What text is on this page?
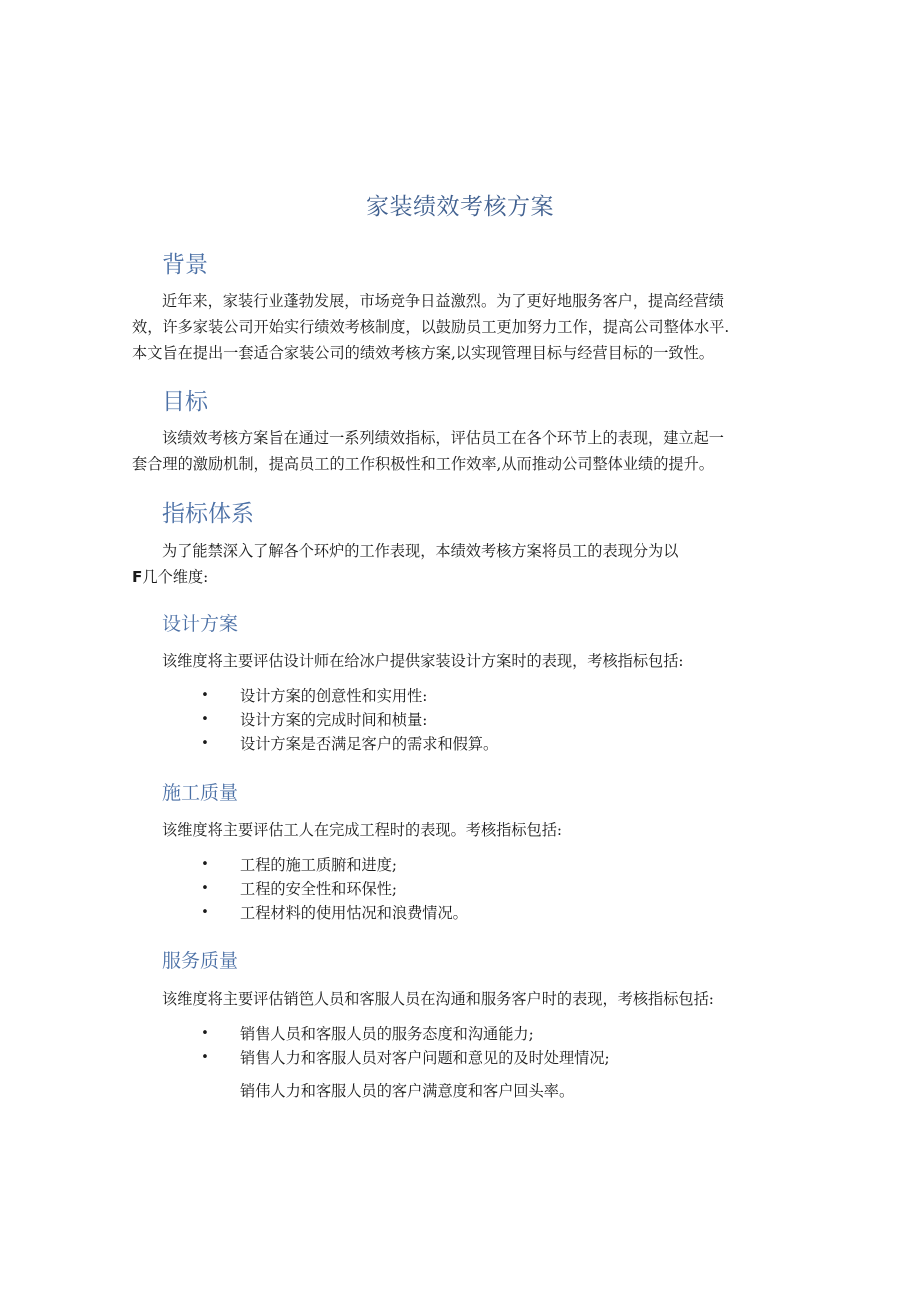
家装绩效考核方案
背景
近年来，家装行业蓬勃发展，市场竞争日益激烈。为了更好地服务客户，提高经营绩
效，许多家装公司开始实行绩效考核制度，以鼓励员工更加努力工作，提高公司整体水平.
本文旨在提出一套适合家装公司的绩效考核方案,以实现管理目标与经营目标的一致性。
目标
该绩效考核方案旨在通过一系列绩效指标，评估员工在各个环节上的表现，建立起一
套合理的激励机制，提高员工的工作积极性和工作效率,从而推动公司整体业绩的提升。
指标体系
为了能禁深入了解各个环炉的工作表现，本绩效考核方案将员工的表现分为以
F几个维度:
设计方案
该维度将主要评估设计师在给冰户提供家装设计方案时的表现，考核指标包括:
• 设计方案的创意性和实用性:
• 设计方案的完成时间和桢量:
• 设计方案是否满足客户的需求和假算。
施工质量
该维度将主要评估工人在完成工程时的表现。考核指标包括:
• 工程的施工质腑和进度;
• 工程的安全性和环保性;
• 工程材料的使用怙况和浪费情况。
服务质量
该维度将主要评估销笆人员和客服人员在沟通和服务客户时的表现，考核指标包括:
• 销售人员和客服人员的服务态度和沟通能力;
• 销售人力和客服人员对客户问题和意见的及时处理情况;
销伟人力和客服人员的客户满意度和客户回头率。
